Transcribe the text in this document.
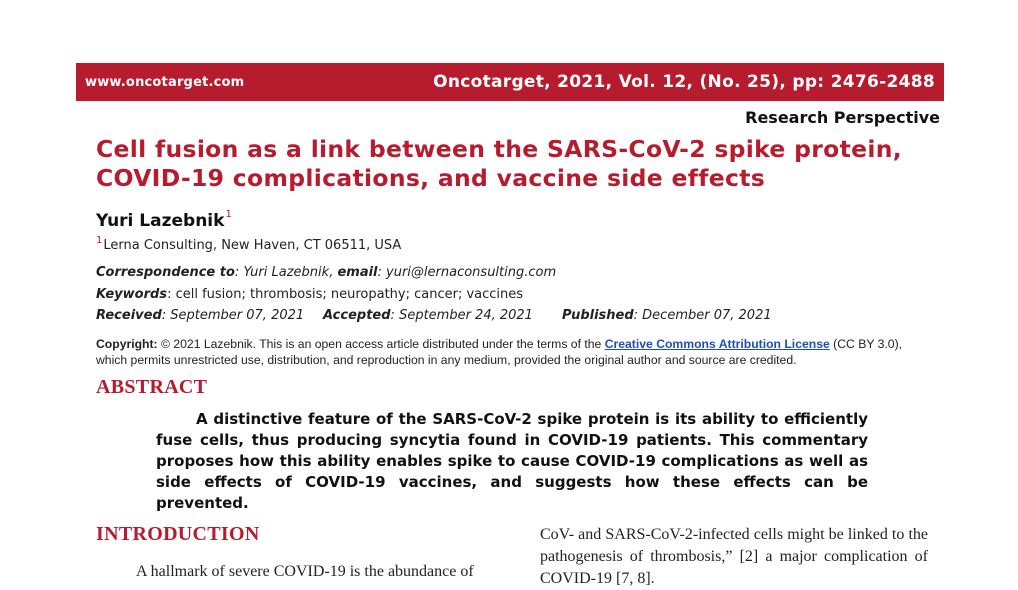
www.oncotarget.com	Oncotarget, 2021, Vol. 12, (No. 25), pp: 2476-2488
Research Perspective
Cell fusion as a link between the SARS-CoV-2 spike protein, COVID-19 complications, and vaccine side effects
Yuri Lazebnik$^1$
$^1$Lerna Consulting, New Haven, CT 06511, USA
Correspondence to: Yuri Lazebnik, email: yuri@lernaconsulting.com
Keywords: cell fusion; thrombosis; neuropathy; cancer; vaccines
Received: September 07, 2021 Accepted: September 24, 2021 Published: December 07, 2021
Copyright: © 2021 Lazebnik. This is an open access article distributed under the terms of the Creative Commons Attribution License (CC BY 3.0), which permits unrestricted use, distribution, and reproduction in any medium, provided the original author and source are credited.
ABSTRACT

A distinctive feature of the SARS-CoV-2 spike protein is its ability to efficiently fuse cells, thus producing syncytia found in COVID-19 patients. This commentary proposes how this ability enables spike to cause COVID-19 complications as well as side effects of COVID-19 vaccines, and suggests how these effects can be prevented.

INTRODUCTION

A hallmark of severe COVID-19 is the abundance of

CoV- and SARS-CoV-2-infected cells might be linked to the pathogenesis of thrombosis,” [2] a major complication of COVID-19 [7, 8].
